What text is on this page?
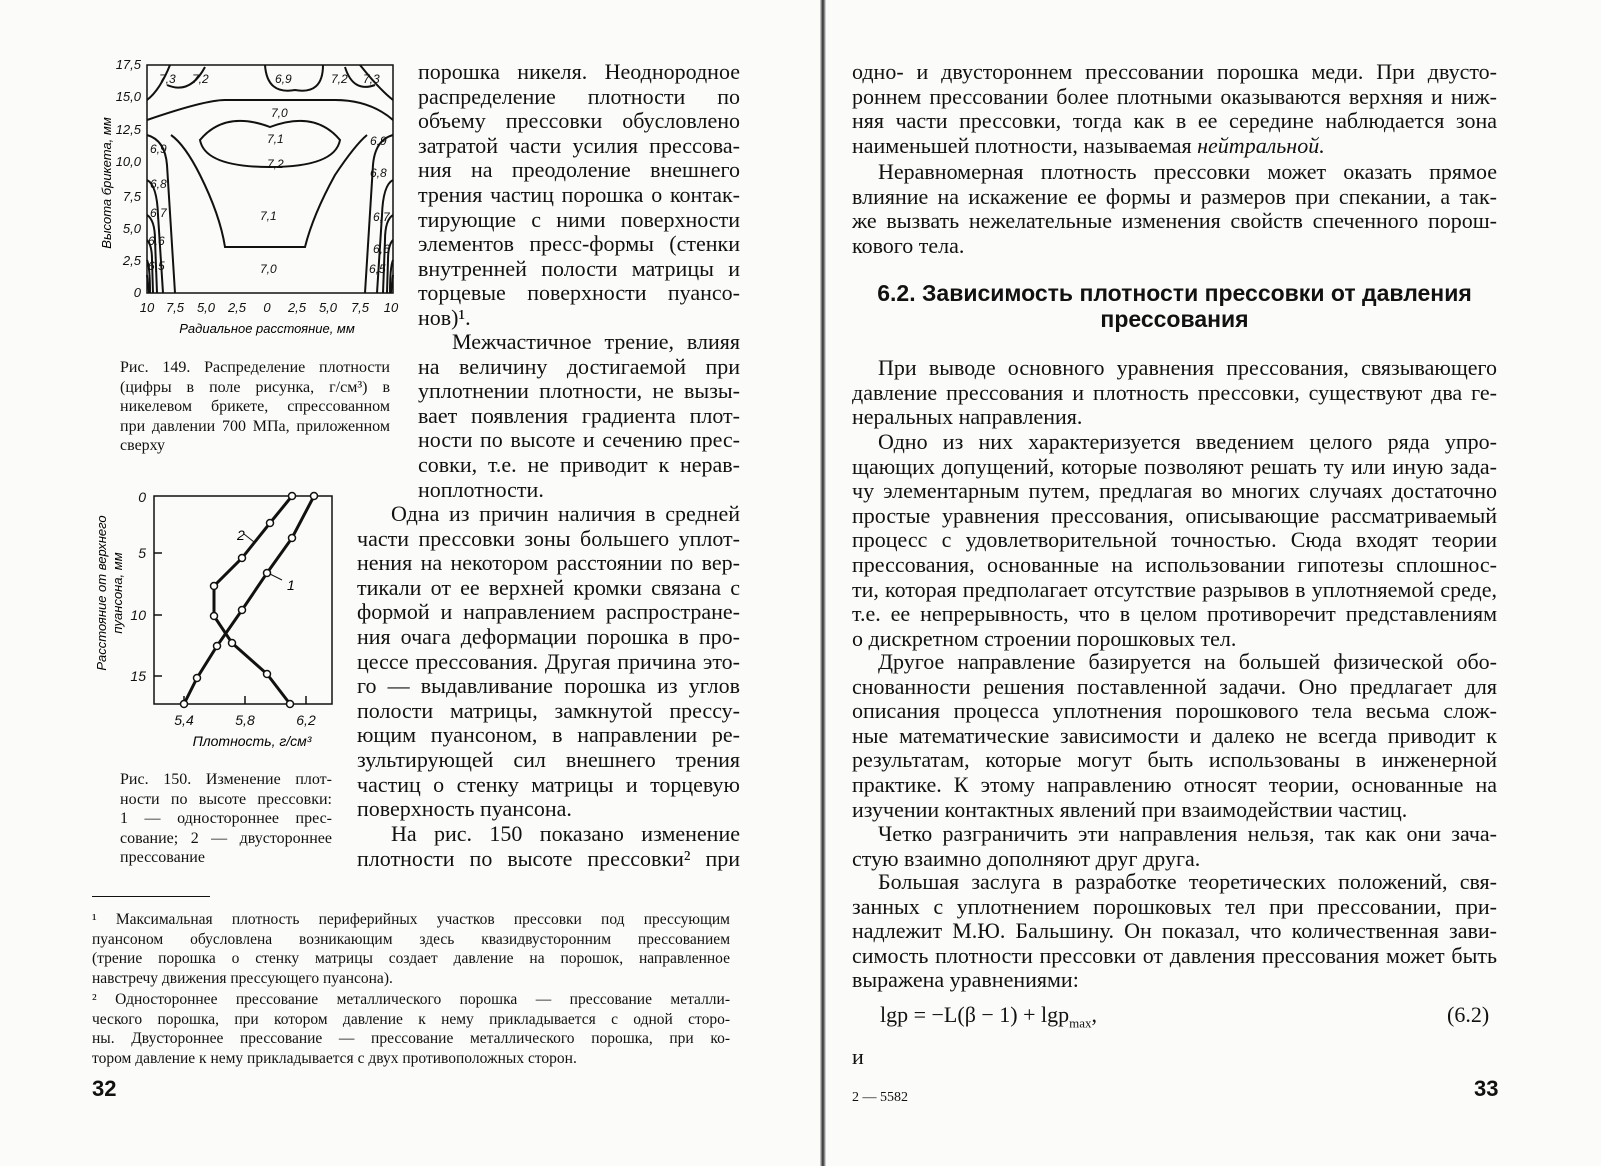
7,3 7,2	6,9	7,2 7,3
7,0
7,1
7,2
6,9
6,9
6,8
6,8
7,1
6,7	6,7
6,6
6,6
6,5	6,5
7,0
17,5
15,0
12,5
10,0
7,5
5,0
2,5
0
10 7,5 5,0 2,5 0 2,5 5,0 7,5 10
Радиальное расстояние, мм
Высота брикета, мм

Рис. 149. Распределение плотности
(цифры в поле рисунка, г/см³) в
никелевом брикете, спрессованном
при давлении 700 МПа, приложенном
сверху

0
5
10
15
5,4	5,8	6,2
1
2
Плотность, г/см³
Расстояние от верхнего пуансона, мм

Рис. 150. Изменение плот-
ности по высоте прессовки:
1 — одностороннее прес-
сование; 2 — двустороннее
прессование

порошка никеля. Неоднородное
распределение плотности по
объему прессовки обусловлено
затратой части усилия прессова-
ния на преодоление внешнего
трения частиц порошка о контак-
тирующие с ними поверхности
элементов пресс-формы (стенки
внутренней полости матрицы и
торцевые поверхности пуансо-
нов)¹.

Межчастичное трение, влияя
на величину достигаемой при
уплотнении плотности, не вызы-
вает появления градиента плот-
ности по высоте и сечению прес-
совки, т.е. не приводит к нерав-
ноплотности.

Одна из причин наличия в средней
части прессовки зоны большего уплот-
нения на некотором расстоянии по вер-
тикали от ее верхней кромки связана с
формой и направлением распростране-
ния очага деформации порошка в про-
цессе прессования. Другая причина это-
го — выдавливание порошка из углов
полости матрицы, замкнутой прессу-
ющим пуансоном, в направлении ре-
зультирующей сил внешнего трения
частиц о стенку матрицы и торцевую
поверхность пуансона.

На рис. 150 показано изменение
плотности по высоте прессовки² при

¹ Максимальная плотность периферийных участков прессовки под прессующим
пуансоном обусловлена возникающим здесь квазидвусторонним прессованием
(трение порошка о стенку матрицы создает давление на порошок, направленное
навстречу движения прессующего пуансона).

² Одностороннее прессование металлического порошка — прессование металли-
ческого порошка, при котором давление к нему прикладывается с одной сторо-
ны. Двустороннее прессование — прессование металлического порошка, при ко-
тором давление к нему прикладывается с двух противоположных сторон.

32

одно- и двустороннем прессовании порошка меди. При двусто-
роннем прессовании более плотными оказываются верхняя и ниж-
няя части прессовки, тогда как в ее середине наблюдается зона
наименьшей плотности, называемая нейтральной.

Неравномерная плотность прессовки может оказать прямое
влияние на искажение ее формы и размеров при спекании, а так-
же вызвать нежелательные изменения свойств спеченного порош-
кового тела.

6.2. Зависимость плотности прессовки от давления
прессования

При выводе основного уравнения прессования, связывающего
давление прессования и плотность прессовки, существуют два ге-
неральных направления.

Одно из них характеризуется введением целого ряда упро-
щающих допущений, которые позволяют решать ту или иную зада-
чу элементарным путем, предлагая во многих случаях достаточно
простые уравнения прессования, описывающие рассматриваемый
процесс с удовлетворительной точностью. Сюда входят теории
прессования, основанные на использовании гипотезы сплошнос-
ти, которая предполагает отсутствие разрывов в уплотняемой среде,
т.е. ее непрерывность, что в целом противоречит представлениям
о дискретном строении порошковых тел.

Другое направление базируется на большей физической обо-
снованности решения поставленной задачи. Оно предлагает для
описания процесса уплотнения порошкового тела весьма слож-
ные математические зависимости и далеко не всегда приводит к
результатам, которые могут быть использованы в инженерной
практике. К этому направлению относят теории, основанные на
изучении контактных явлений при взаимодействии частиц.

Четко разграничить эти направления нельзя, так как они зача-
стую взаимно дополняют друг друга.

Большая заслуга в разработке теоретических положений, свя-
занных с уплотнением порошковых тел при прессовании, при-
надлежит М.Ю. Бальшину. Он показал, что количественная зави-
симость плотности прессовки от давления прессования может быть
выражена уравнениями:

lgp = −L(β − 1) + lgp$_{max}$,	(6.2)
и
2 — 5582	33
